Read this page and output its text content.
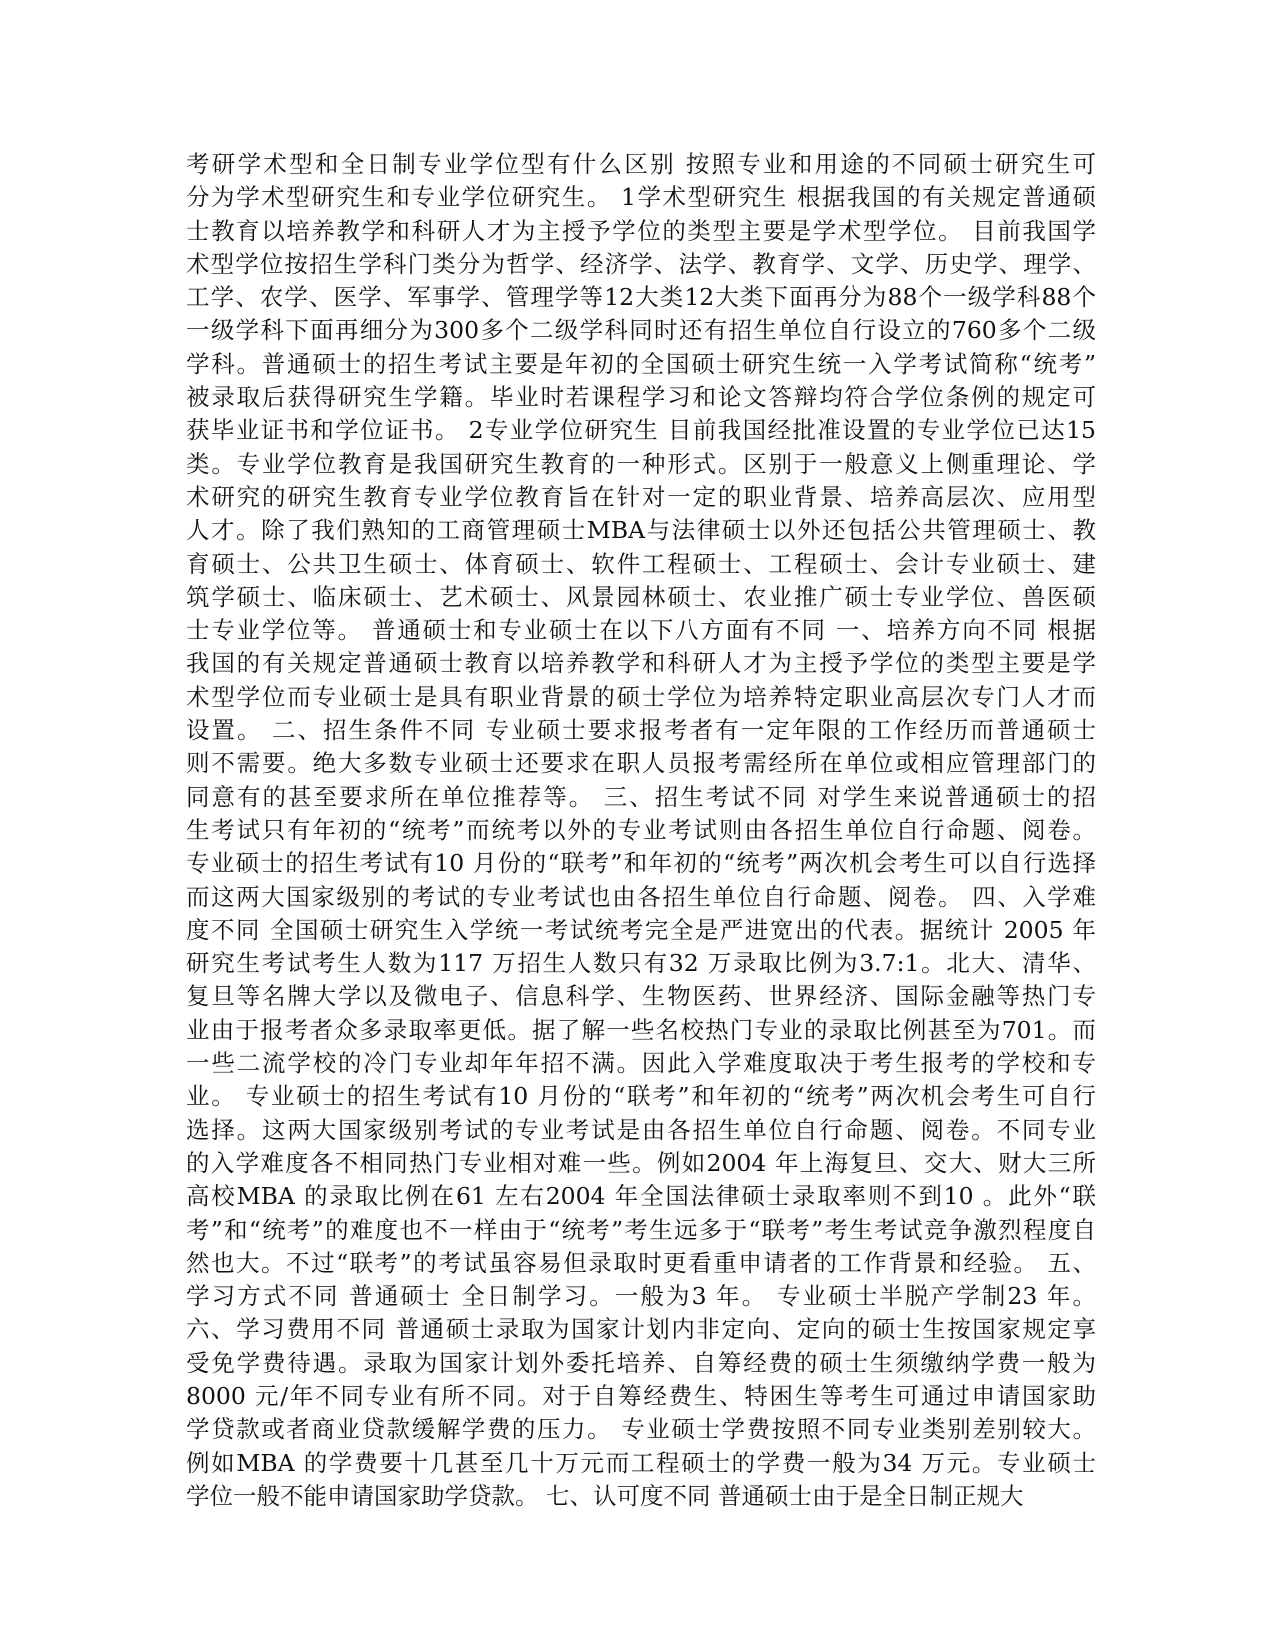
考研学术型和全日制专业学位型有什么区别 按照专业和用途的不同硕士研究生可
分为学术型研究生和专业学位研究生。 1学术型研究生 根据我国的有关规定普通硕
士教育以培养教学和科研人才为主授予学位的类型主要是学术型学位。 目前我国学
术型学位按招生学科门类分为哲学、经济学、法学、教育学、文学、历史学、理学、
工学、农学、医学、军事学、管理学等12大类12大类下面再分为88个一级学科88个
一级学科下面再细分为300多个二级学科同时还有招生单位自行设立的760多个二级
学科。普通硕士的招生考试主要是年初的全国硕士研究生统一入学考试简称“统考”
被录取后获得研究生学籍。毕业时若课程学习和论文答辩均符合学位条例的规定可
获毕业证书和学位证书。 2专业学位研究生 目前我国经批准设置的专业学位已达15
类。专业学位教育是我国研究生教育的一种形式。区别于一般意义上侧重理论、学
术研究的研究生教育专业学位教育旨在针对一定的职业背景、培养高层次、应用型
人才。除了我们熟知的工商管理硕士MBA与法律硕士以外还包括公共管理硕士、教
育硕士、公共卫生硕士、体育硕士、软件工程硕士、工程硕士、会计专业硕士、建
筑学硕士、临床硕士、艺术硕士、风景园林硕士、农业推广硕士专业学位、兽医硕
士专业学位等。 普通硕士和专业硕士在以下八方面有不同 一、培养方向不同 根据
我国的有关规定普通硕士教育以培养教学和科研人才为主授予学位的类型主要是学
术型学位而专业硕士是具有职业背景的硕士学位为培养特定职业高层次专门人才而
设置。 二、招生条件不同 专业硕士要求报考者有一定年限的工作经历而普通硕士
则不需要。绝大多数专业硕士还要求在职人员报考需经所在单位或相应管理部门的
同意有的甚至要求所在单位推荐等。 三、招生考试不同 对学生来说普通硕士的招
生考试只有年初的“统考”而统考以外的专业考试则由各招生单位自行命题、阅卷。
专业硕士的招生考试有10 月份的“联考”和年初的“统考”两次机会考生可以自行选择
而这两大国家级别的考试的专业考试也由各招生单位自行命题、阅卷。 四、入学难
度不同 全国硕士研究生入学统一考试统考完全是严进宽出的代表。据统计 2005 年
研究生考试考生人数为117 万招生人数只有32 万录取比例为3.7:1。北大、清华、
复旦等名牌大学以及微电子、信息科学、生物医药、世界经济、国际金融等热门专
业由于报考者众多录取率更低。据了解一些名校热门专业的录取比例甚至为701。而
一些二流学校的冷门专业却年年招不满。因此入学难度取决于考生报考的学校和专
业。 专业硕士的招生考试有10 月份的“联考”和年初的“统考”两次机会考生可自行
选择。这两大国家级别考试的专业考试是由各招生单位自行命题、阅卷。不同专业
的入学难度各不相同热门专业相对难一些。例如2004 年上海复旦、交大、财大三所
高校MBA 的录取比例在61 左右2004 年全国法律硕士录取率则不到10 。此外“联
考”和“统考”的难度也不一样由于“统考”考生远多于“联考”考生考试竞争激烈程度自
然也大。不过“联考”的考试虽容易但录取时更看重申请者的工作背景和经验。 五、
学习方式不同 普通硕士 全日制学习。一般为3 年。 专业硕士半脱产学制23 年。
六、学习费用不同 普通硕士录取为国家计划内非定向、定向的硕士生按国家规定享
受免学费待遇。录取为国家计划外委托培养、自筹经费的硕士生须缴纳学费一般为
8000 元/年不同专业有所不同。对于自筹经费生、特困生等考生可通过申请国家助
学贷款或者商业贷款缓解学费的压力。 专业硕士学费按照不同专业类别差别较大。
例如MBA 的学费要十几甚至几十万元而工程硕士的学费一般为34 万元。专业硕士
学位一般不能申请国家助学贷款。 七、认可度不同 普通硕士由于是全日制正规大
